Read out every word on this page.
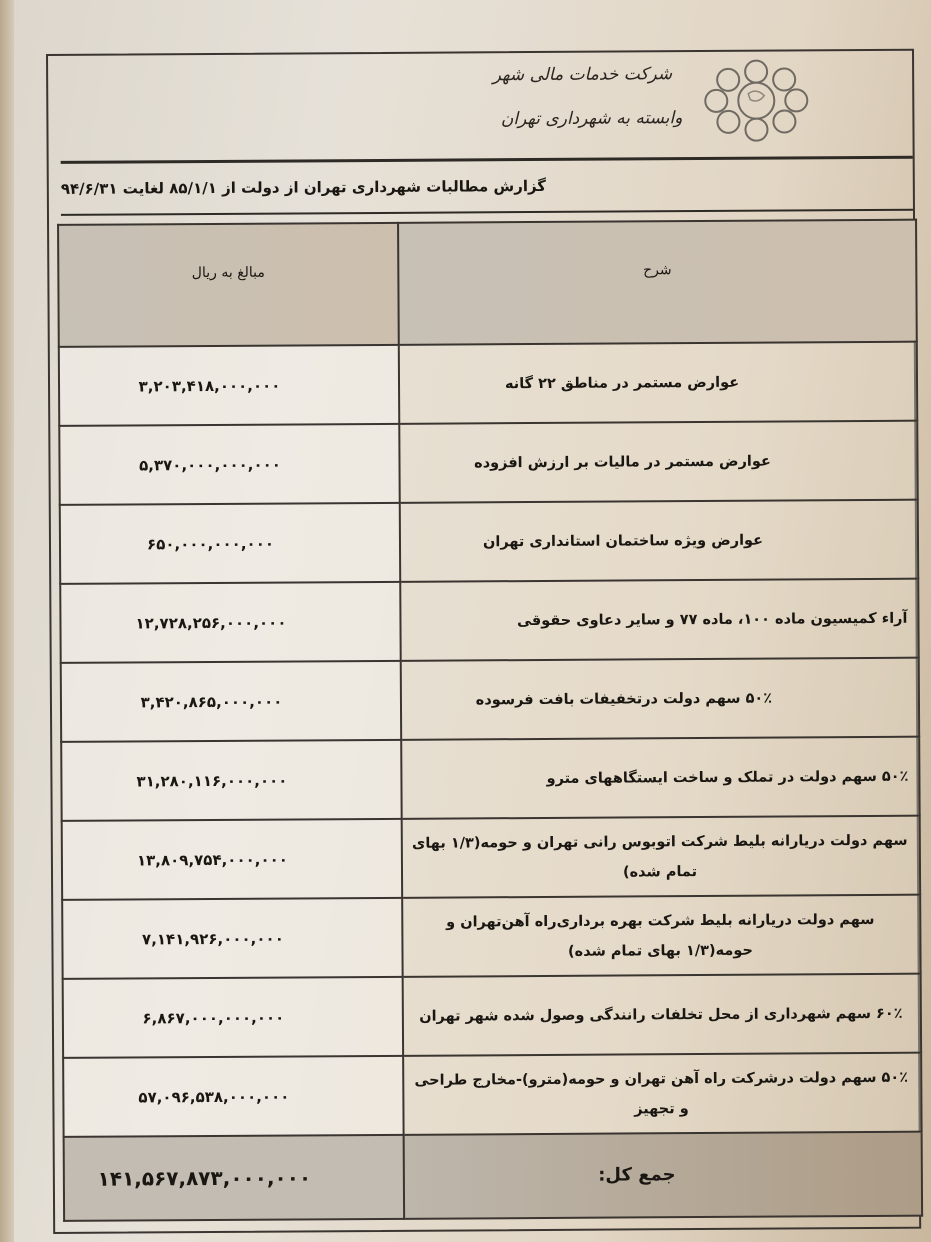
شرکت خدمات مالی شهر
وابسته به شهرداری تهران
گزارش مطالبات شهرداری تهران از دولت از ۸۵/۱/۱ لغایت ۹۴/۶/۳۱
مبالغ به ریال	شرح
۳,۲۰۳,۴۱۸,۰۰۰,۰۰۰	عوارض مستمر در مناطق ۲۲ گانه
۵,۳۷۰,۰۰۰,۰۰۰,۰۰۰	عوارض مستمر در مالیات بر ارزش افزوده
۶۵۰,۰۰۰,۰۰۰,۰۰۰	عوارض ویژه ساختمان استانداری تهران
۱۲,۷۲۸,۲۵۶,۰۰۰,۰۰۰	آراء کمیسیون ماده ۱۰۰، ماده ۷۷ و سایر دعاوی حقوقی
۳,۴۲۰,۸۶۵,۰۰۰,۰۰۰	۵۰٪ سهم دولت درتخفیفات بافت فرسوده
۳۱,۲۸۰,۱۱۶,۰۰۰,۰۰۰	۵۰٪ سهم دولت در تملک و ساخت ایستگاههای مترو
۱۳,۸۰۹,۷۵۴,۰۰۰,۰۰۰	سهم دولت دریارانه بلیط شرکت اتوبوس رانی تهران و حومه(۱/۳ بهای تمام شده)
۷,۱۴۱,۹۲۶,۰۰۰,۰۰۰	سهم دولت دریارانه بلیط شرکت بهره برداری‌راه آهن‌تهران و حومه(۱/۳ بهای تمام شده)
۶,۸۶۷,۰۰۰,۰۰۰,۰۰۰	۶۰٪ سهم شهرداری از محل تخلفات رانندگی وصول شده شهر تهران
۵۷,۰۹۶,۵۳۸,۰۰۰,۰۰۰	۵۰٪ سهم دولت درشرکت راه آهن تهران و حومه(مترو)-مخارج طراحی و تجهیز
۱۴۱,۵۶۷,۸۷۳,۰۰۰,۰۰۰	جمع کل:
